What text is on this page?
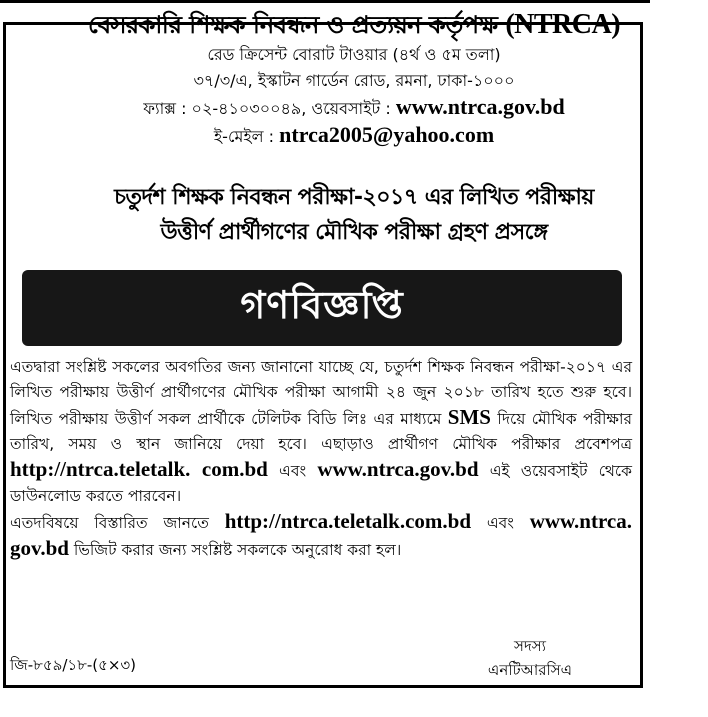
বেসরকারি শিক্ষক নিবন্ধন ও প্রত্যয়ন কর্তৃপক্ষ (NTRCA)
রেড ক্রিসেন্ট বোরাট টাওয়ার (৪র্থ ও ৫ম তলা)
৩৭/৩/এ, ইস্কাটন গার্ডেন রোড, রমনা, ঢাকা-১০০০
ফ্যাক্স : ০২-৪১০৩০০৪৯, ওয়েবসাইট : www.ntrca.gov.bd
ই-মেইল : ntrca2005@yahoo.com
চতুর্দশ শিক্ষক নিবন্ধন পরীক্ষা-২০১৭ এর লিখিত পরীক্ষায়
উত্তীর্ণ প্রার্থীগণের মৌখিক পরীক্ষা গ্রহণ প্রসঙ্গে
গণবিজ্ঞপ্তি

এতদ্বারা সংশ্লিষ্ট সকলের অবগতির জন্য জানানো যাচ্ছে যে, চতুর্দশ শিক্ষক নিবন্ধন পরীক্ষা-২০১৭ এর লিখিত পরীক্ষায় উত্তীর্ণ প্রার্থীগণের মৌখিক পরীক্ষা আগামী ২৪ জুন ২০১৮ তারিখ হতে শুরু হবে। লিখিত পরীক্ষায় উত্তীর্ণ সকল প্রার্থীকে টেলিটক বিডি লিঃ এর মাধ্যমে SMS দিয়ে মৌখিক পরীক্ষার তারিখ, সময় ও স্থান জানিয়ে দেয়া হবে। এছাড়াও প্রার্থীগণ মৌখিক পরীক্ষার প্রবেশপত্র http://ntrca.teletalk. com.bd এবং www.ntrca.gov.bd এই ওয়েবসাইট থেকে ডাউনলোড করতে পারবেন।

এতদবিষয়ে বিস্তারিত জানতে http://ntrca.teletalk.com.bd এবং www.ntrca. gov.bd ভিজিট করার জন্য সংশ্লিষ্ট সকলকে অনুরোধ করা হল।

জি-৮৫৯/১৮-(৫×৩)
সদস্য
এনটিআরসিএ
